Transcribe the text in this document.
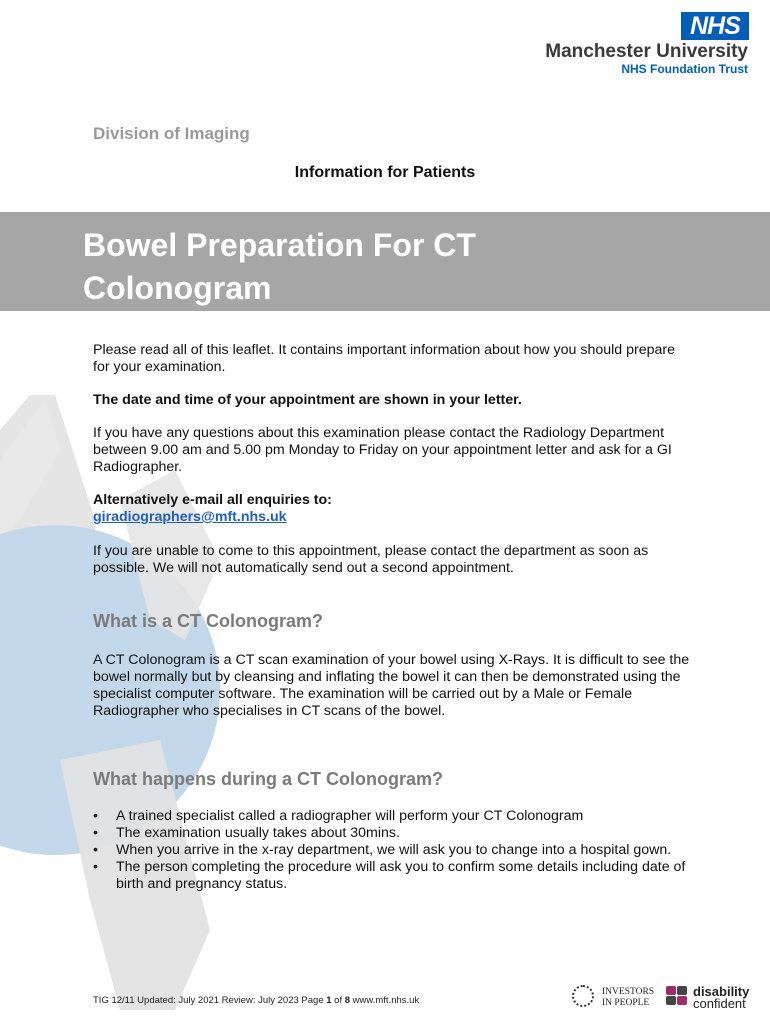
NHS
Manchester University
NHS Foundation Trust
Division of Imaging
Information for Patients
Bowel Preparation For CT
Colonogram

Please read all of this leaflet. It contains important information about how you should prepare for your examination.

The date and time of your appointment are shown in your letter.

If you have any questions about this examination please contact the Radiology Department between 9.00 am and 5.00 pm Monday to Friday on your appointment letter and ask for a GI Radiographer.

Alternatively e-mail all enquiries to:
giradiographers@mft.nhs.uk

If you are unable to come to this appointment, please contact the department as soon as possible. We will not automatically send out a second appointment.

What is a CT Colonogram?

A CT Colonogram is a CT scan examination of your bowel using X-Rays. It is difficult to see the bowel normally but by cleansing and inflating the bowel it can then be demonstrated using the specialist computer software. The examination will be carried out by a Male or Female Radiographer who specialises in CT scans of the bowel.

What happens during a CT Colonogram?
• A trained specialist called a radiographer will perform your CT Colonogram
• The examination usually takes about 30mins.
• When you arrive in the x-ray department, we will ask you to change into a hospital gown.
• The person completing the procedure will ask you to confirm some details including date of birth and pregnancy status.
TIG 12/11 Updated: July 2021 Review: July 2023 Page 1 of 8 www.mft.nhs.uk
INVESTORS
IN PEOPLE
disability
confident
